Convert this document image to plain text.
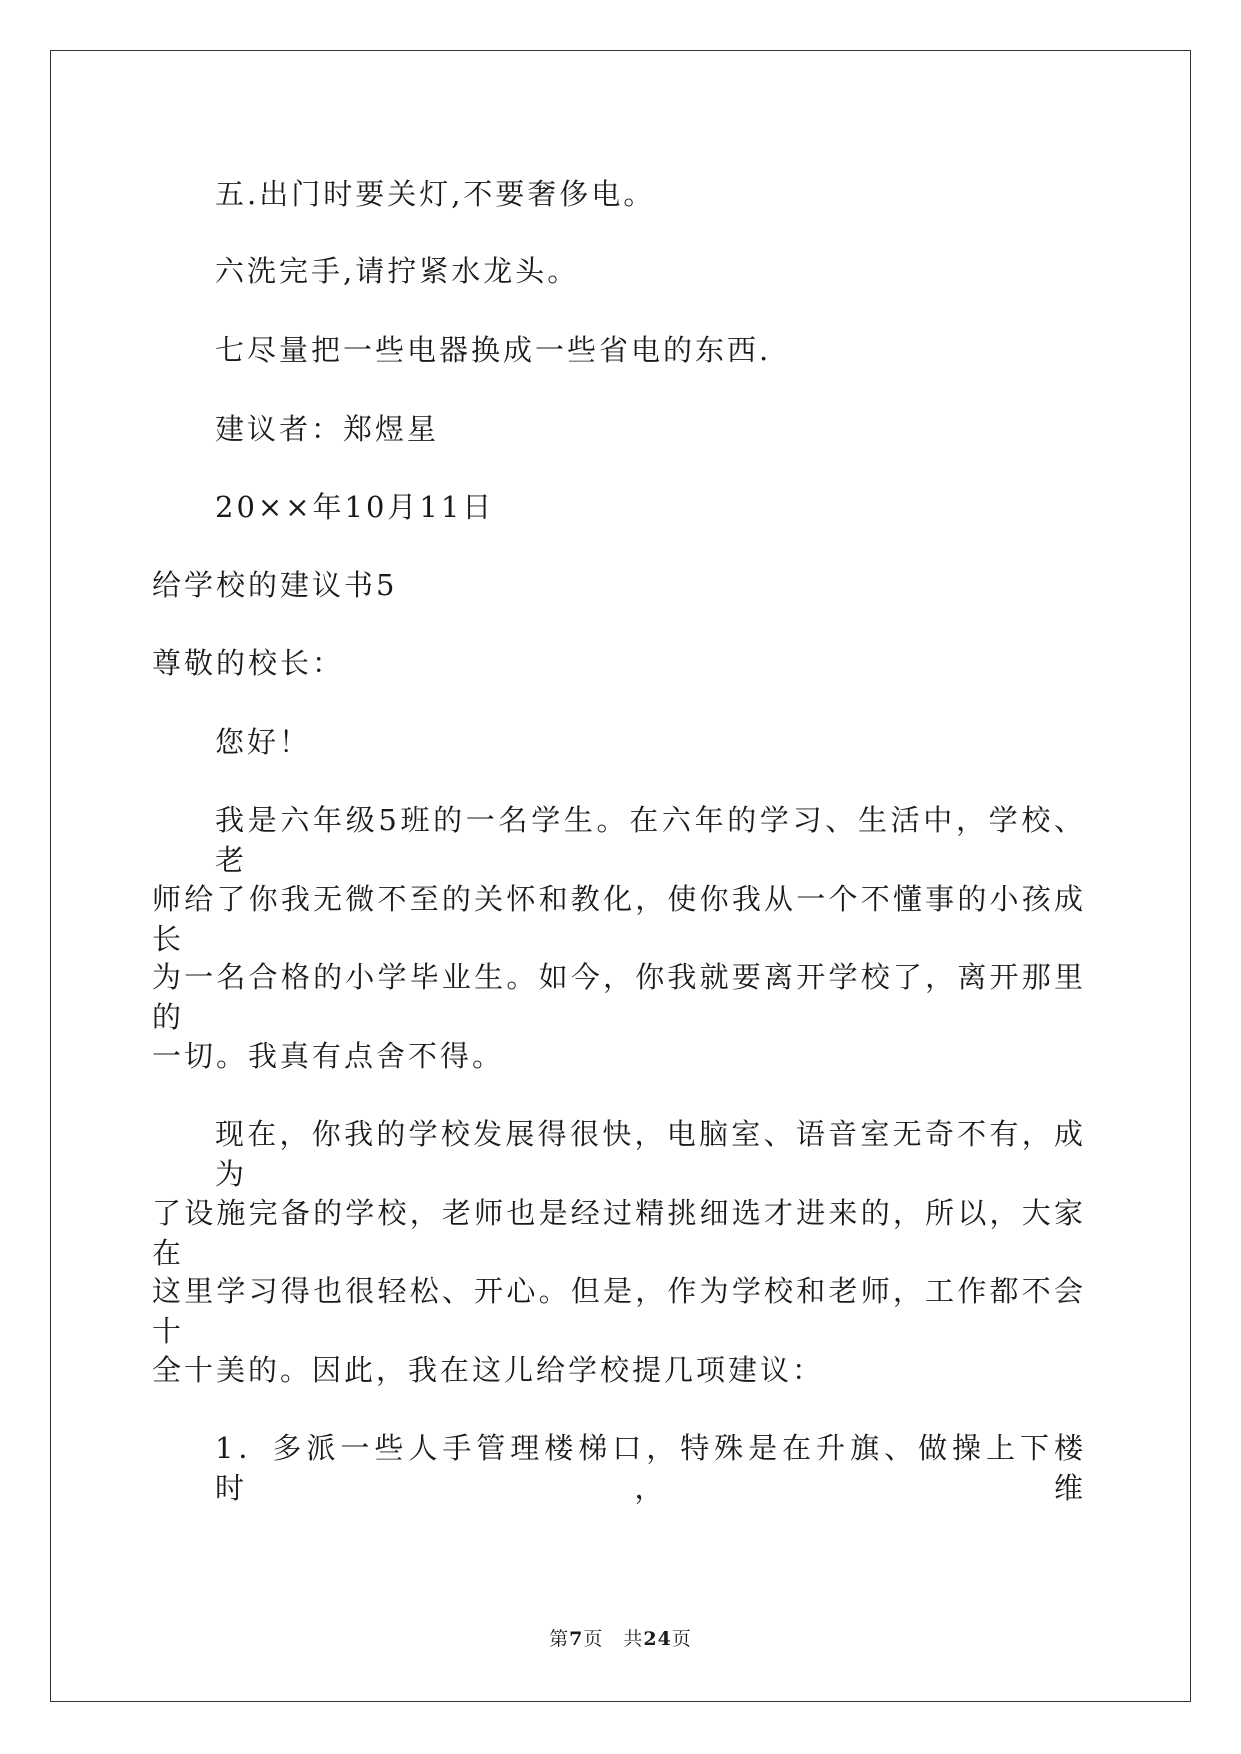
五.出门时要关灯,不要奢侈电。
六洗完手,请拧紧水龙头。
七尽量把一些电器换成一些省电的东西.
建议者：郑煜星
20××年10月11日
给学校的建议书5
尊敬的校长：
您好！
我是六年级5班的一名学生。在六年的学习、生活中，学校、老
师给了你我无微不至的关怀和教化，使你我从一个不懂事的小孩成长
为一名合格的小学毕业生。如今，你我就要离开学校了，离开那里的
一切。我真有点舍不得。
现在，你我的学校发展得很快，电脑室、语音室无奇不有，成为
了设施完备的学校，老师也是经过精挑细选才进来的，所以，大家在
这里学习得也很轻松、开心。但是，作为学校和老师，工作都不会十
全十美的。因此，我在这儿给学校提几项建议：
1．多派一些人手管理楼梯口，特殊是在升旗、做操上下楼时，维
第7页　共24页
